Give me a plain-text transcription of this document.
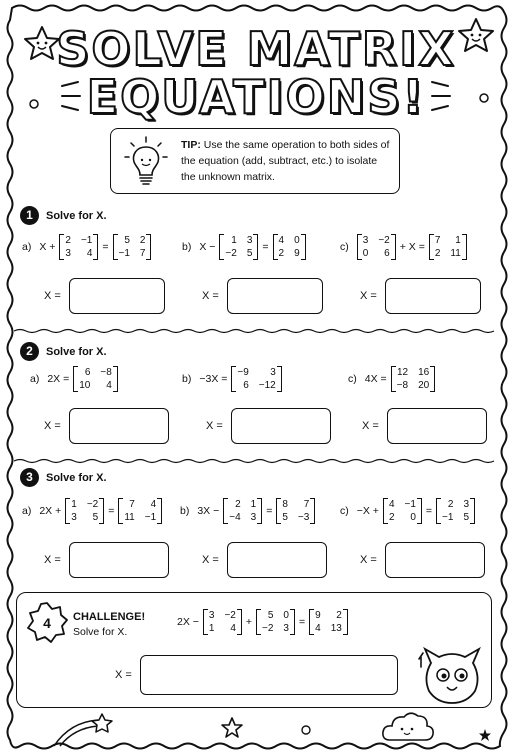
SOLVE MATRIX
EQUATIONS!
TIP: Use the same operation to both sides of the equation (add, subtract, etc.) to isolate the unknown matrix.
1	Solve for X.
a) X +
2 −1
3	4
=
5 2
−1 7
b) X −
1 3
−2 5
=
4 0
2 9
c)
3 −2
0	6
+ X =
7	1
2 11
X =	X =	X =
2	Solve for X.
a) 2X =
6 −8
10	4
b) −3X =
−9	3
6 −12
c) 4X =
12 16
−8 20
X =	X =	X =
3	Solve for X.
a) 2X +
1 −2
3	5
=
7	4
11 −1
b) 3X −
2 1
−4 3
=
8	7
5 −3
c) −X +
4 −1
2	0
=
2 3
−1 5
X =	X =	X =
4	CHALLENGE!
Solve for X.
2X −
3 −2
1	4
+
5 0
−2 3
=
9	2
4 13
X =
